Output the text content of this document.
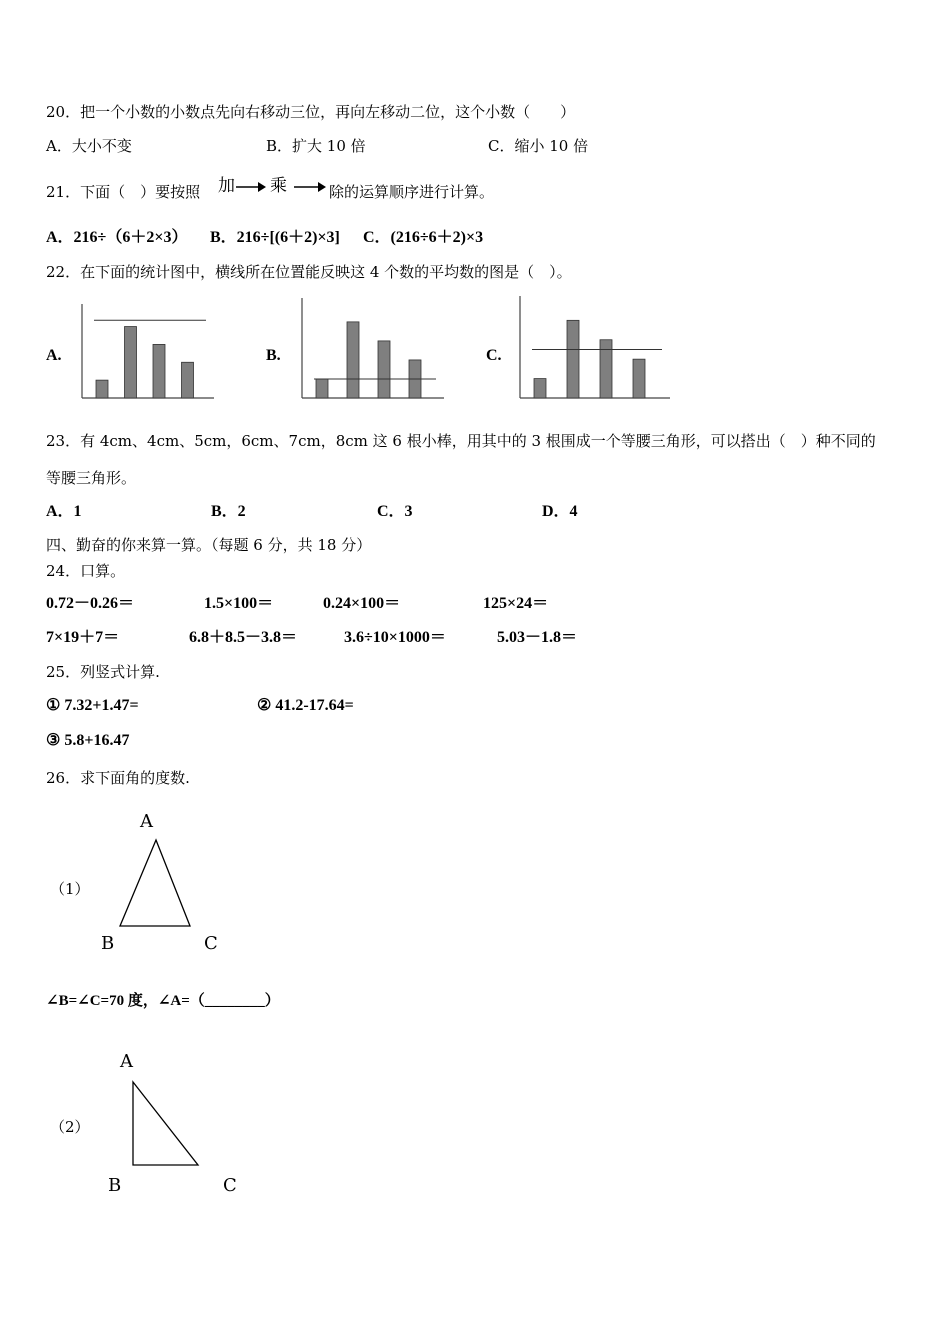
20．把一个小数的小数点先向右移动三位，再向左移动二位，这个小数（　　）
A．大小不变	B．扩大 10 倍	C．缩小 10 倍
21．下面（　）要按照 加 乘	除的运算顺序进行计算。
A．216÷（6＋2×3） B．216÷[(6＋2)×3] C．(216÷6＋2)×3
22．在下面的统计图中，横线所在位置能反映这 4 个数的平均数的图是（　）。
A.	B.	C.
23．有 4cm、4cm、5cm，6cm、7cm，8cm 这 6 根小棒，用其中的 3 根围成一个等腰三角形，可以搭出（　）种不同的
等腰三角形。
A．1	B．2	C．3	D．4
四、勤奋的你来算一算。（每题 6 分，共 18 分）
24．口算。
0.72－0.26＝	1.5×100＝	0.24×100＝	125×24＝
7×19＋7＝	6.8＋8.5－3.8＝	3.6÷10×1000＝	5.03－1.8＝
25．列竖式计算.
① 7.32+1.47=	② 41.2-17.64=
③ 5.8+16.47
26．求下面角的度数.
（1）
A
B	C
∠B=∠C=70 度，∠A=（________）
（2）
A
B	C
